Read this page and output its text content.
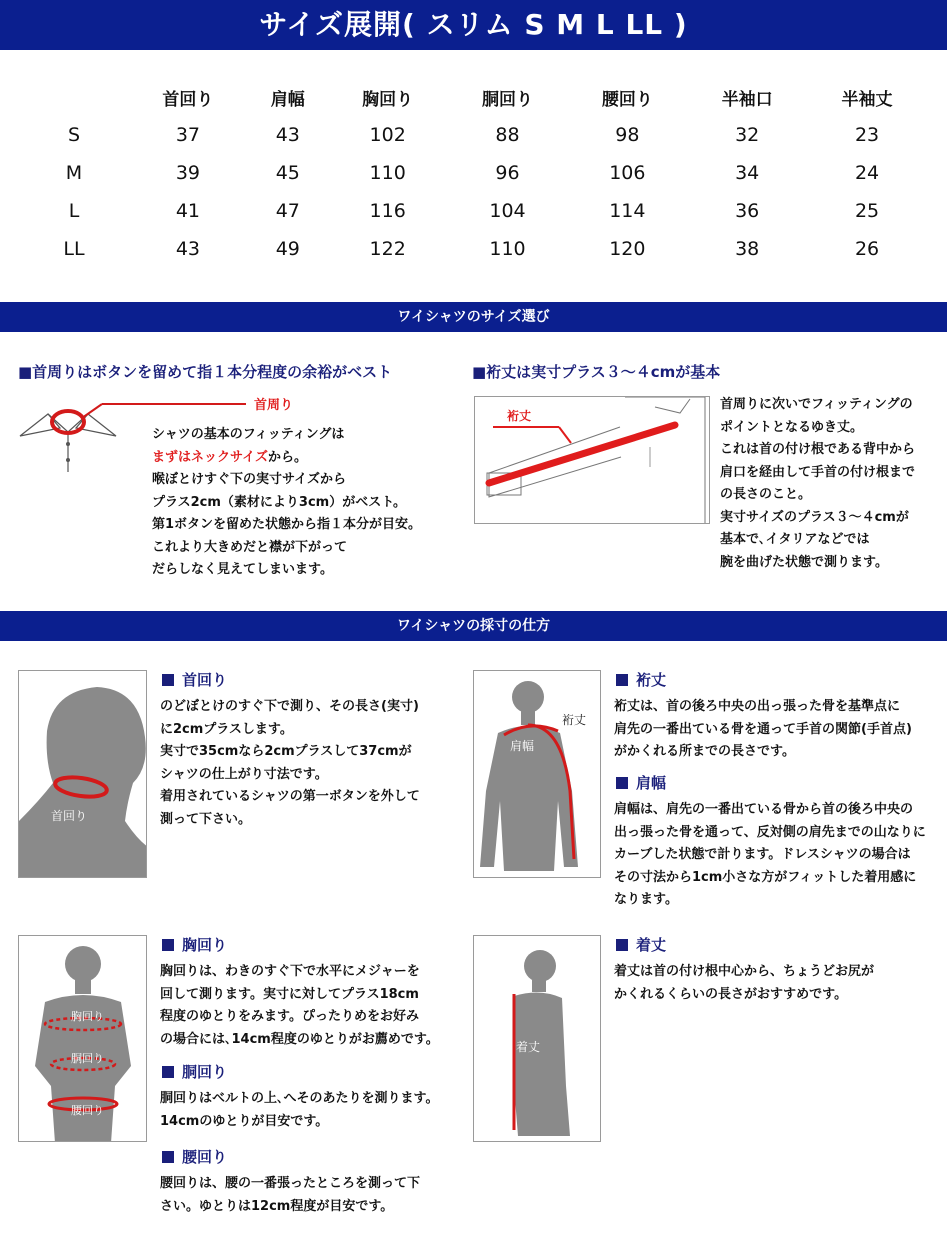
サイズ展開( スリム S M L LL )
	首回り	肩幅	胸回り	胴回り	腰回り	半袖口	半袖丈
S	37	43	102	88	98	32	23
M	39	45	110	96	106	34	24
L	41	47	116	104	114	36	25
LL	43	49	122	110	120	38	26
ワイシャツのサイズ選び
■首周りはボタンを留めて指１本分程度の余裕がベスト
首周り
シャツの基本のフィッティングは
まずはネックサイズから。
喉ぼとけすぐ下の実寸サイズから
プラス2cm（素材により3cm）がベスト。
第1ボタンを留めた状態から指１本分が目安。
これより大きめだと襟が下がって
だらしなく見えてしまいます。
■裄丈は実寸プラス３～４cmが基本
裄丈
首周りに次いでフィッティングの
ポイントとなるゆき丈。
これは首の付け根である背中から
肩口を経由して手首の付け根まで
の長さのこと。
実寸サイズのプラス３～４cmが
基本で､イタリアなどでは
腕を曲げた状態で測ります。
ワイシャツの採寸の仕方
首回り
首回り
のどぼとけのすぐ下で測り、その長さ(実寸)
に2cmプラスします。
実寸で35cmなら2cmプラスして37cmが
シャツの仕上がり寸法です。
着用されているシャツの第一ボタンを外して
測って下さい。
裄丈
肩幅
裄丈
裄丈は、首の後ろ中央の出っ張った骨を基準点に
肩先の一番出ている骨を通って手首の関節(手首点)
がかくれる所までの長さです。
肩幅
肩幅は、肩先の一番出ている骨から首の後ろ中央の
出っ張った骨を通って、反対側の肩先までの山なりに
カーブした状態で計ります。ドレスシャツの場合は
その寸法から1cm小さな方がフィットした着用感に
なります。
胸回り
胴回り
腰回り
胸回り
胸回りは、わきのすぐ下で水平にメジャーを
回して測ります。実寸に対してプラス18cm
程度のゆとりをみます。ぴったりめをお好み
の場合には､14cm程度のゆとりがお薦めです。
胴回り
胴回りはベルトの上､へそのあたりを測ります。
14cmのゆとりが目安です。
腰回り
腰回りは、腰の一番張ったところを測って下
さい。ゆとりは12cm程度が目安です。
着丈
着丈
着丈は首の付け根中心から、ちょうどお尻が
かくれるくらいの長さがおすすめです。
